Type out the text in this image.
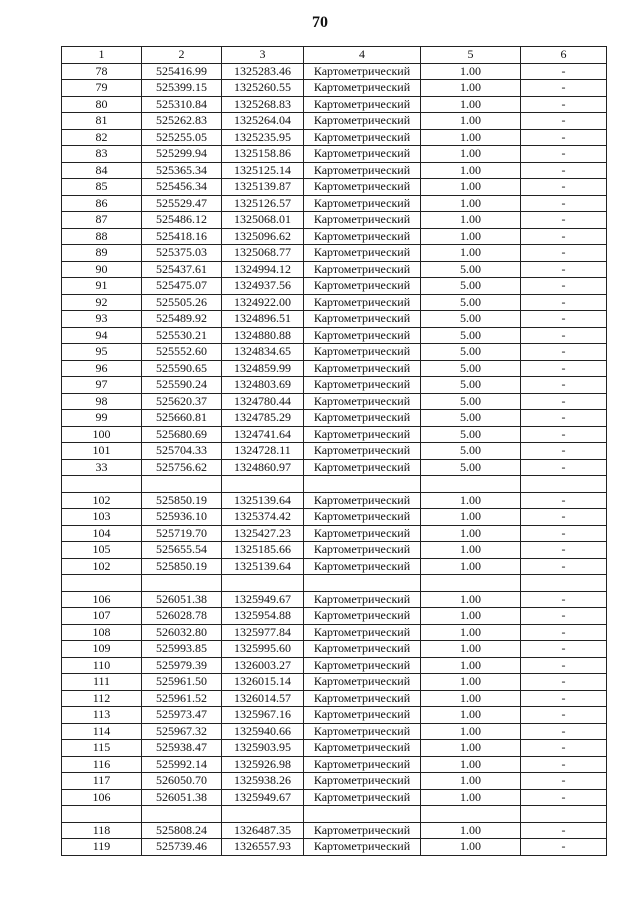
70
1	2	3	4	5	6
78	525416.99	1325283.46	Картометрический	1.00	-
79	525399.15	1325260.55	Картометрический	1.00	-
80	525310.84	1325268.83	Картометрический	1.00	-
81	525262.83	1325264.04	Картометрический	1.00	-
82	525255.05	1325235.95	Картометрический	1.00	-
83	525299.94	1325158.86	Картометрический	1.00	-
84	525365.34	1325125.14	Картометрический	1.00	-
85	525456.34	1325139.87	Картометрический	1.00	-
86	525529.47	1325126.57	Картометрический	1.00	-
87	525486.12	1325068.01	Картометрический	1.00	-
88	525418.16	1325096.62	Картометрический	1.00	-
89	525375.03	1325068.77	Картометрический	1.00	-
90	525437.61	1324994.12	Картометрический	5.00	-
91	525475.07	1324937.56	Картометрический	5.00	-
92	525505.26	1324922.00	Картометрический	5.00	-
93	525489.92	1324896.51	Картометрический	5.00	-
94	525530.21	1324880.88	Картометрический	5.00	-
95	525552.60	1324834.65	Картометрический	5.00	-
96	525590.65	1324859.99	Картометрический	5.00	-
97	525590.24	1324803.69	Картометрический	5.00	-
98	525620.37	1324780.44	Картометрический	5.00	-
99	525660.81	1324785.29	Картометрический	5.00	-
100	525680.69	1324741.64	Картометрический	5.00	-
101	525704.33	1324728.11	Картометрический	5.00	-
33	525756.62	1324860.97	Картометрический	5.00	-

102	525850.19	1325139.64	Картометрический	1.00	-
103	525936.10	1325374.42	Картометрический	1.00	-
104	525719.70	1325427.23	Картометрический	1.00	-
105	525655.54	1325185.66	Картометрический	1.00	-
102	525850.19	1325139.64	Картометрический	1.00	-

106	526051.38	1325949.67	Картометрический	1.00	-
107	526028.78	1325954.88	Картометрический	1.00	-
108	526032.80	1325977.84	Картометрический	1.00	-
109	525993.85	1325995.60	Картометрический	1.00	-
110	525979.39	1326003.27	Картометрический	1.00	-
111	525961.50	1326015.14	Картометрический	1.00	-
112	525961.52	1326014.57	Картометрический	1.00	-
113	525973.47	1325967.16	Картометрический	1.00	-
114	525967.32	1325940.66	Картометрический	1.00	-
115	525938.47	1325903.95	Картометрический	1.00	-
116	525992.14	1325926.98	Картометрический	1.00	-
117	526050.70	1325938.26	Картометрический	1.00	-
106	526051.38	1325949.67	Картометрический	1.00	-

118	525808.24	1326487.35	Картометрический	1.00	-
119	525739.46	1326557.93	Картометрический	1.00	-
